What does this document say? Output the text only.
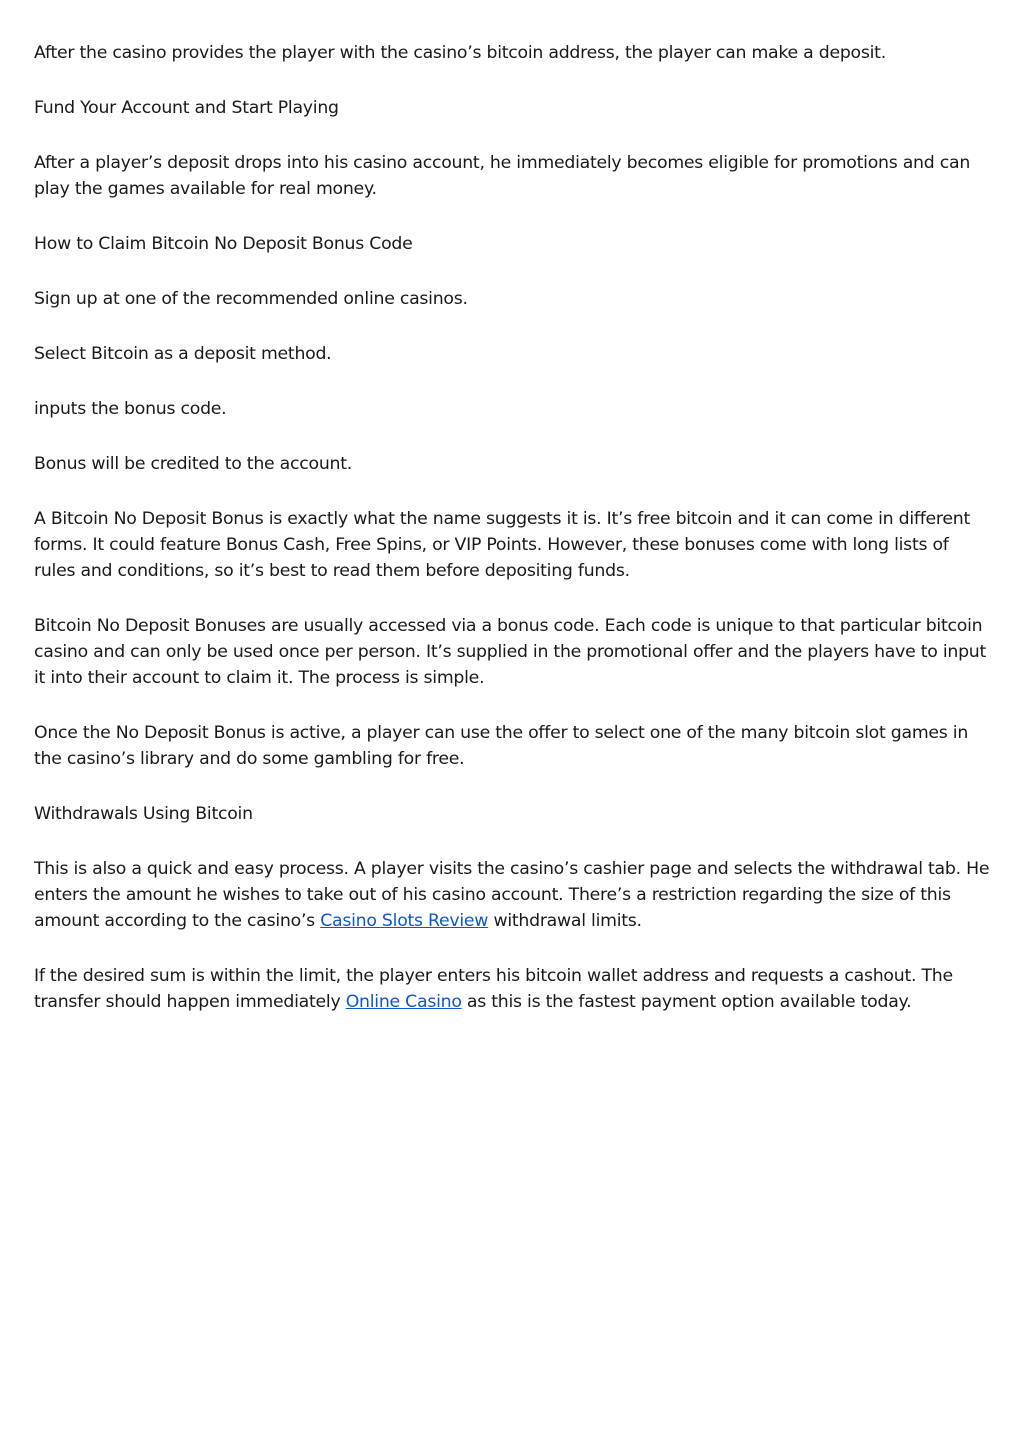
After the casino provides the player with the casino’s bitcoin address, the player can make a deposit.

Fund Your Account and Start Playing

After a player’s deposit drops into his casino account, he immediately becomes eligible for promotions and can play the games available for real money.

How to Claim Bitcoin No Deposit Bonus Code

Sign up at one of the recommended online casinos.

Select Bitcoin as a deposit method.

inputs the bonus code.

Bonus will be credited to the account.

A Bitcoin No Deposit Bonus is exactly what the name suggests it is. It’s free bitcoin and it can come in different forms. It could feature Bonus Cash, Free Spins, or VIP Points. However, these bonuses come with long lists of rules and conditions, so it’s best to read them before depositing funds.

Bitcoin No Deposit Bonuses are usually accessed via a bonus code. Each code is unique to that particular bitcoin casino and can only be used once per person. It’s supplied in the promotional offer and the players have to input it into their account to claim it. The process is simple.

Once the No Deposit Bonus is active, a player can use the offer to select one of the many bitcoin slot games in the casino’s library and do some gambling for free.

Withdrawals Using Bitcoin

This is also a quick and easy process. A player visits the casino’s cashier page and selects the withdrawal tab. He enters the amount he wishes to take out of his casino account. There’s a restriction regarding the size of this amount according to the casino’s Casino Slots Review withdrawal limits.

If the desired sum is within the limit, the player enters his bitcoin wallet address and requests a cashout. The transfer should happen immediately Online Casino as this is the fastest payment option available today.
